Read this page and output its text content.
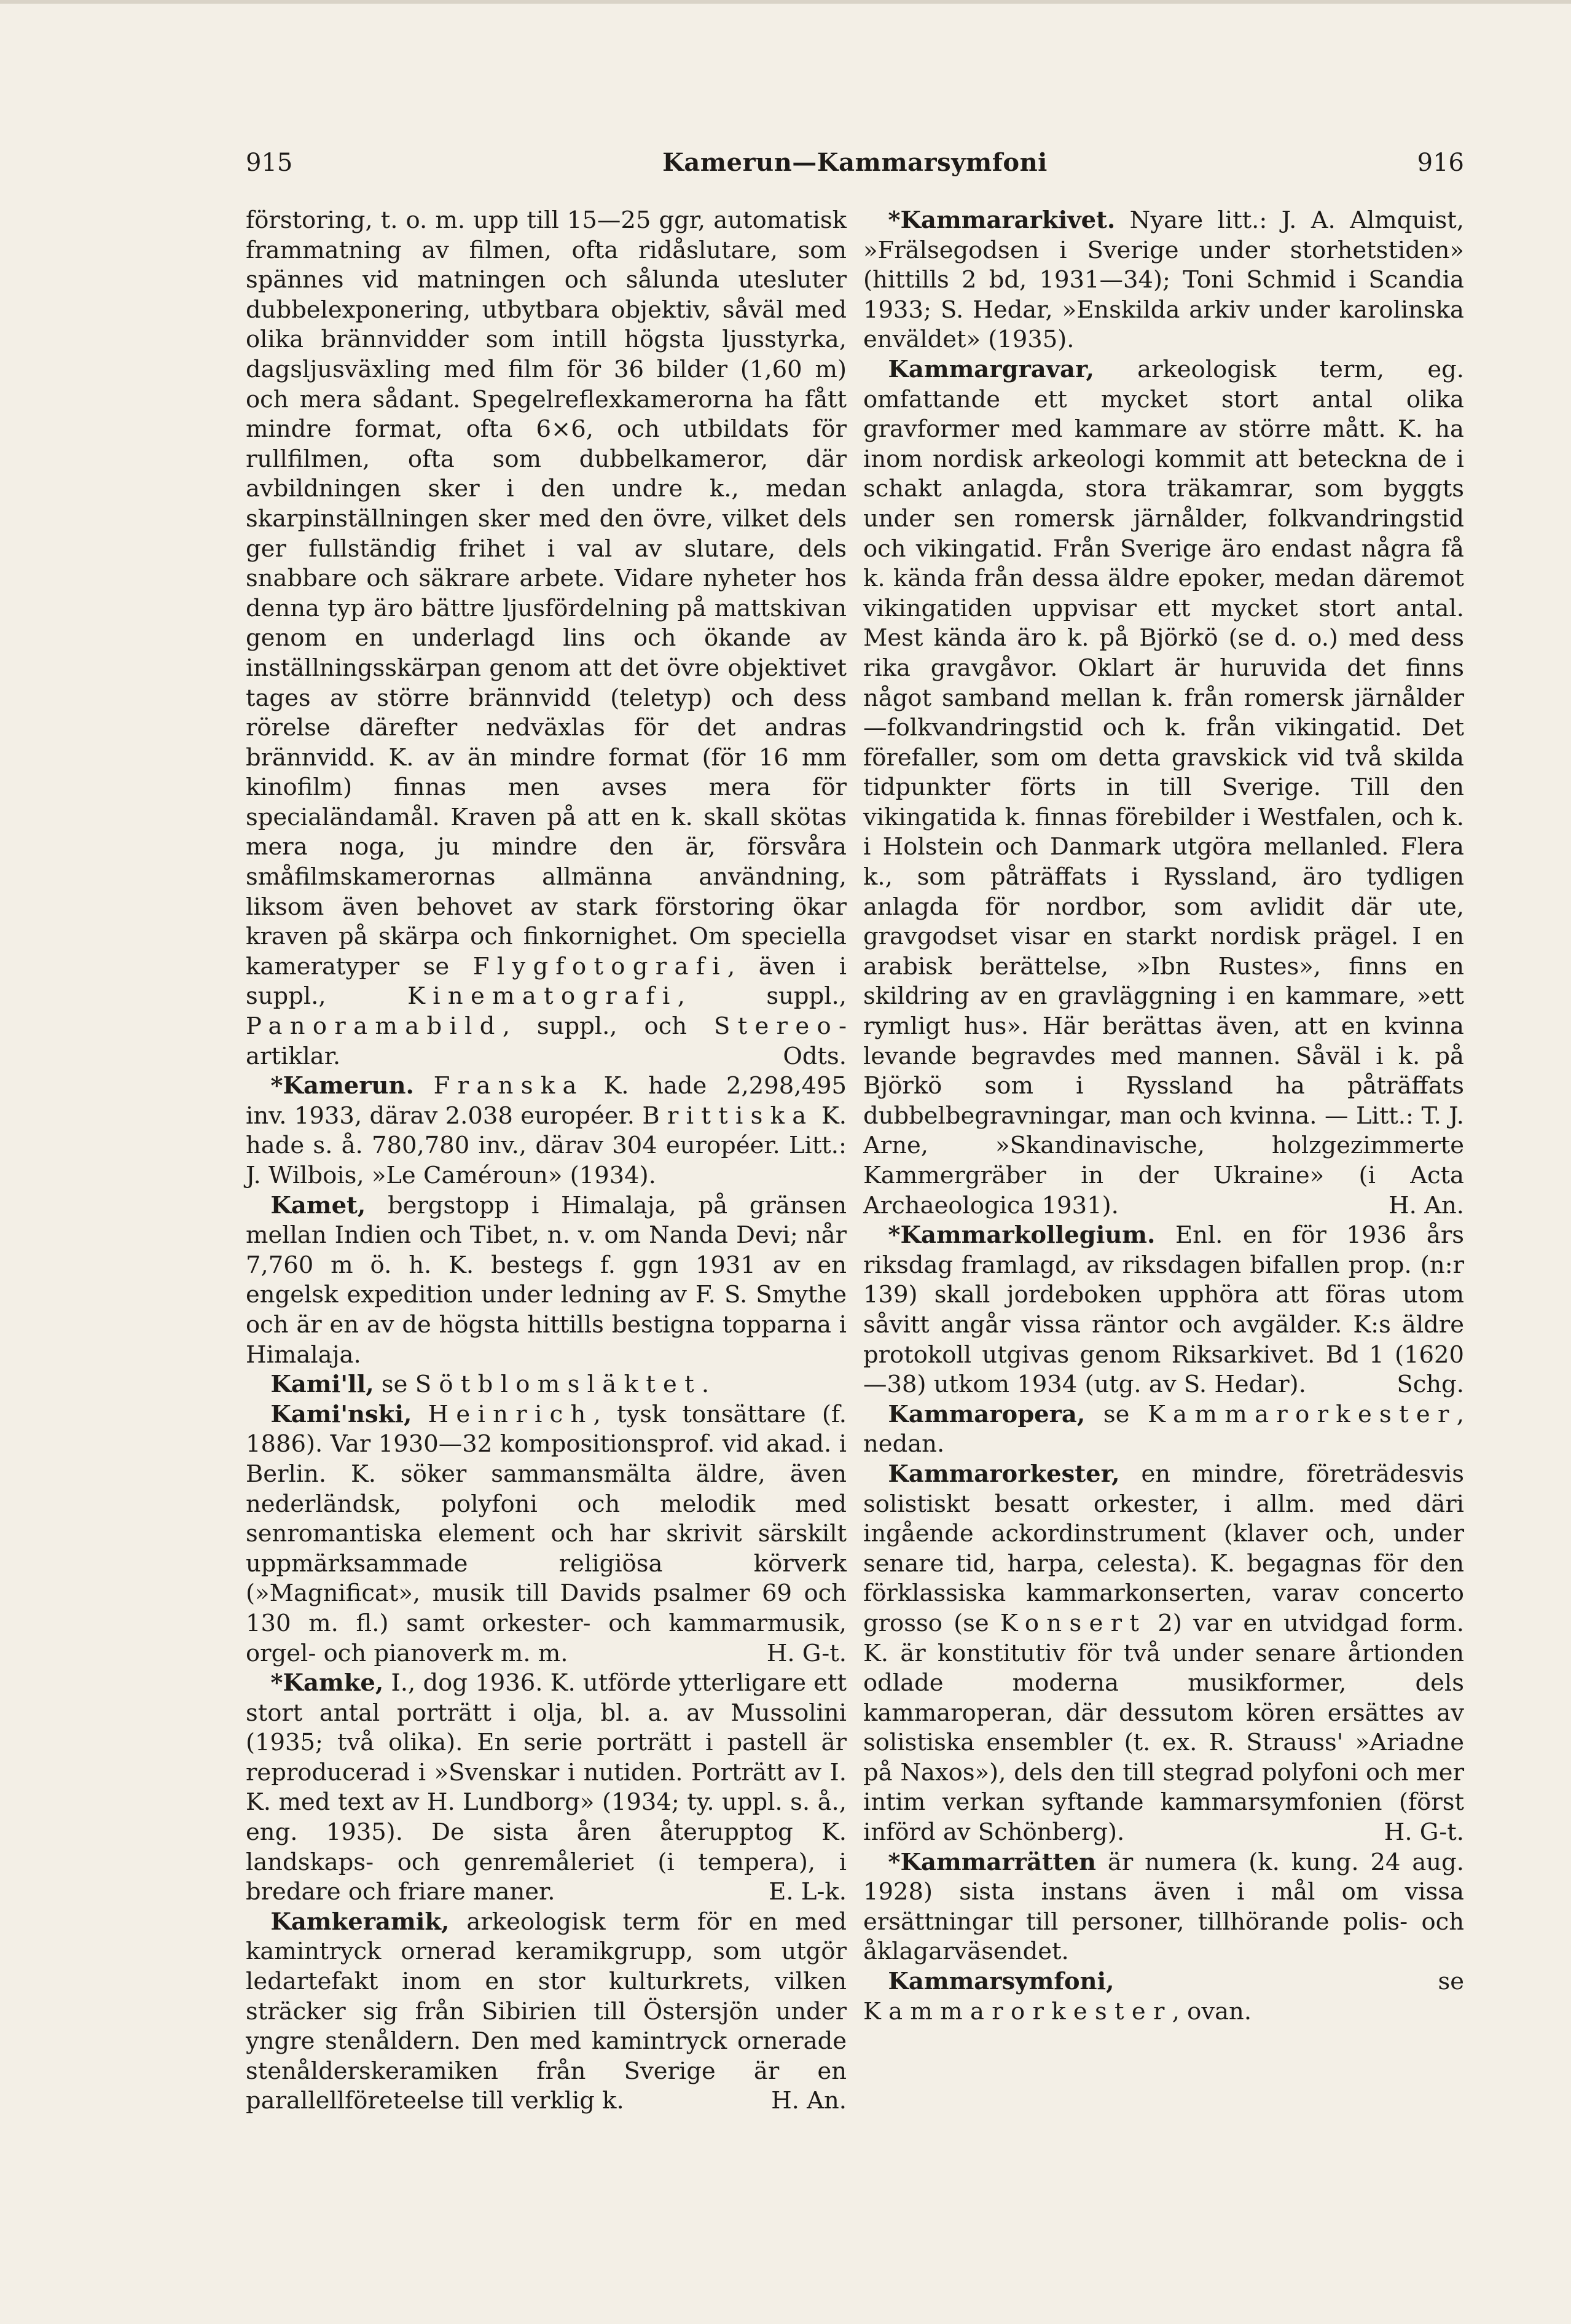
915	Kamerun—Kammarsymfoni	916

förstoring, t. o. m. upp till 15—25 ggr, automatisk frammatning av filmen, ofta ridåslutare, som spännes vid matningen och sålunda utesluter dubbelexponering, utbytbara objektiv, såväl med olika brännvidder som intill högsta ljusstyrka, dagsljusväxling med film för 36 bilder (1,60 m) och mera sådant. Spegelreflexkamerorna ha fått mindre format, ofta 6×6, och utbildats för rullfilmen, ofta som dubbelkameror, där avbildningen sker i den undre k., medan skarpinställningen sker med den övre, vilket dels ger fullständig frihet i val av slutare, dels snabbare och säkrare arbete. Vidare nyheter hos denna typ äro bättre ljusfördelning på mattskivan genom en underlagd lins och ökande av inställningsskärpan genom att det övre objektivet tages av större brännvidd (teletyp) och dess rörelse därefter nedväxlas för det andras brännvidd. K. av än mindre format (för 16 mm kinofilm) finnas men avses mera för specialändamål. Kraven på att en k. skall skötas mera noga, ju mindre den är, försvåra småfilmskamerornas allmänna användning, liksom även behovet av stark förstoring ökar kraven på skärpa och finkornighet. Om speciella kameratyper se Flygfotografi, även i suppl.,	Kinematografi, suppl., Panoramabild, suppl., och Stereo-artiklar.	Odts.

*Kamerun. Franska K. hade 2,298,495 inv. 1933, därav 2.038 européer. Brittiska K. hade s. å. 780,780 inv., därav 304 européer. Litt.: J. Wilbois, »Le Caméroun» (1934).

Kamet, bergstopp i Himalaja, på gränsen mellan Indien och Tibet, n. v. om Nanda Devi; når 7,760 m ö. h. K. bestegs f. ggn 1931 av en engelsk expedition under ledning av F. S. Smythe och är en av de högsta hittills bestigna topparna i Himalaja.

Kami'll, se Sötblomsläktet.

Kami'nski, Heinrich, tysk tonsättare (f. 1886). Var 1930—32 kompositionsprof. vid akad. i Berlin. K. söker sammansmälta äldre, även nederländsk, polyfoni och melodik med senromantiska element och har skrivit särskilt uppmärksammade religiösa körverk (»Magnificat», musik till Davids psalmer 69 och 130 m. fl.) samt orkester- och kammarmusik, orgel- och pianoverk m. m.	H. G-t.

*Kamke, I., dog 1936. K. utförde ytterligare ett stort antal porträtt i olja, bl. a. av Mussolini (1935; två olika). En serie porträtt i pastell är reproducerad i »Svenskar i nutiden. Porträtt av I. K. med text av H. Lundborg» (1934; ty. uppl. s. å., eng. 1935). De sista åren återupptog K. landskaps- och genremåleriet (i tempera), i bredare och friare maner.	E. L-k.

Kamkeramik, arkeologisk term för en med kamintryck ornerad keramikgrupp, som utgör ledartefakt inom en stor kulturkrets, vilken sträcker sig från Sibirien till Östersjön under yngre stenåldern. Den med kamintryck ornerade stenålderskeramiken från Sverige är en parallellföreteelse till verklig k.	H. An.

*Kammararkivet. Nyare litt.: J. A. Almquist, »Frälsegodsen i Sverige under storhetstiden» (hittills 2 bd, 1931—34); Toni Schmid i Scandia 1933; S. Hedar, »Enskilda arkiv under karolinska enväldet» (1935).

Kammargravar, arkeologisk term, eg. omfattande ett mycket stort antal olika gravformer med kammare av större mått. K. ha inom nordisk arkeologi kommit att beteckna de i schakt anlagda, stora träkamrar, som byggts under sen romersk järnålder, folkvandringstid och vikingatid. Från Sverige äro endast några få k. kända från dessa äldre epoker, medan däremot vikingatiden uppvisar ett mycket stort antal. Mest kända äro k. på Björkö (se d. o.) med dess rika gravgåvor. Oklart är huruvida det finns något samband mellan k. från romersk järnålder—folkvandringstid och k. från vikingatid. Det förefaller, som om detta gravskick vid två skilda tidpunkter förts in till Sverige. Till den vikingatida k. finnas förebilder i Westfalen, och k. i Holstein och Danmark utgöra mellanled. Flera k., som påträffats i Ryssland, äro tydligen anlagda för nordbor, som avlidit där ute, gravgodset visar en starkt nordisk prägel. I en arabisk berättelse, »Ibn Rustes», finns en skildring av en gravläggning i en kammare, »ett rymligt hus». Här berättas även, att en kvinna levande begravdes med mannen. Såväl i k. på Björkö som i Ryssland ha påträffats dubbelbegravningar, man och kvinna. — Litt.: T. J. Arne, »Skandinavische, holzgezimmerte Kammergräber in der Ukraine» (i Acta Archaeologica 1931).	H. An.

*Kammarkollegium. Enl. en för 1936 års riksdag framlagd, av riksdagen bifallen prop. (n:r 139) skall jordeboken upphöra att föras utom såvitt angår vissa räntor och avgälder. K:s äldre protokoll utgivas genom Riksarkivet. Bd 1 (1620—38) utkom 1934 (utg. av S. Hedar).	Schg.

Kammaropera, se Kammarorkester, nedan.

Kammarorkester, en mindre, företrädesvis solistiskt besatt orkester, i allm. med däri ingående ackordinstrument (klaver och, under senare tid, harpa, celesta). K. begagnas för den förklassiska kammarkonserten, varav concerto grosso (se Konsert 2) var en utvidgad form. K. är konstitutiv för två under senare årtionden odlade moderna musikformer, dels kammaroperan, där dessutom kören ersättes av solistiska ensembler (t. ex. R. Strauss' »Ariadne på Naxos»), dels den till stegrad polyfoni och mer intim verkan syftande kammarsymfonien (först införd av Schönberg).	H. G-t.

*Kammarrätten är numera (k. kung. 24 aug. 1928) sista instans även i mål om vissa ersättningar till personer, tillhörande polis- och åklagarväsendet.

Kammarsymfoni,	se Kammarorkester, ovan.
